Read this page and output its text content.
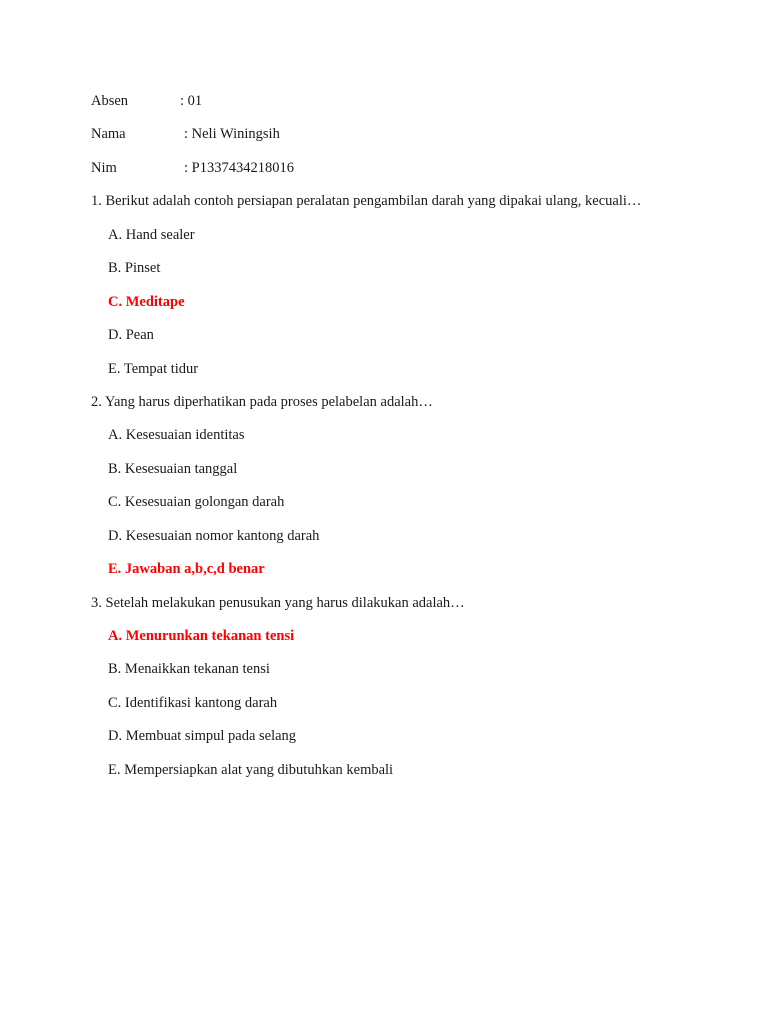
Absen	: 01
Nama	: Neli Winingsih
Nim	: P1337434218016
1. Berikut adalah contoh persiapan peralatan pengambilan darah yang dipakai ulang, kecuali…
A. Hand sealer
B. Pinset
C. Meditape
D. Pean
E. Tempat tidur
2. Yang harus diperhatikan pada proses pelabelan adalah…
A. Kesesuaian identitas
B. Kesesuaian tanggal
C. Kesesuaian golongan darah
D. Kesesuaian nomor kantong darah
E. Jawaban a,b,c,d benar
3. Setelah melakukan penusukan yang harus dilakukan adalah…
A. Menurunkan tekanan tensi
B. Menaikkan tekanan tensi
C. Identifikasi kantong darah
D. Membuat simpul pada selang
E. Mempersiapkan alat yang dibutuhkan kembali
